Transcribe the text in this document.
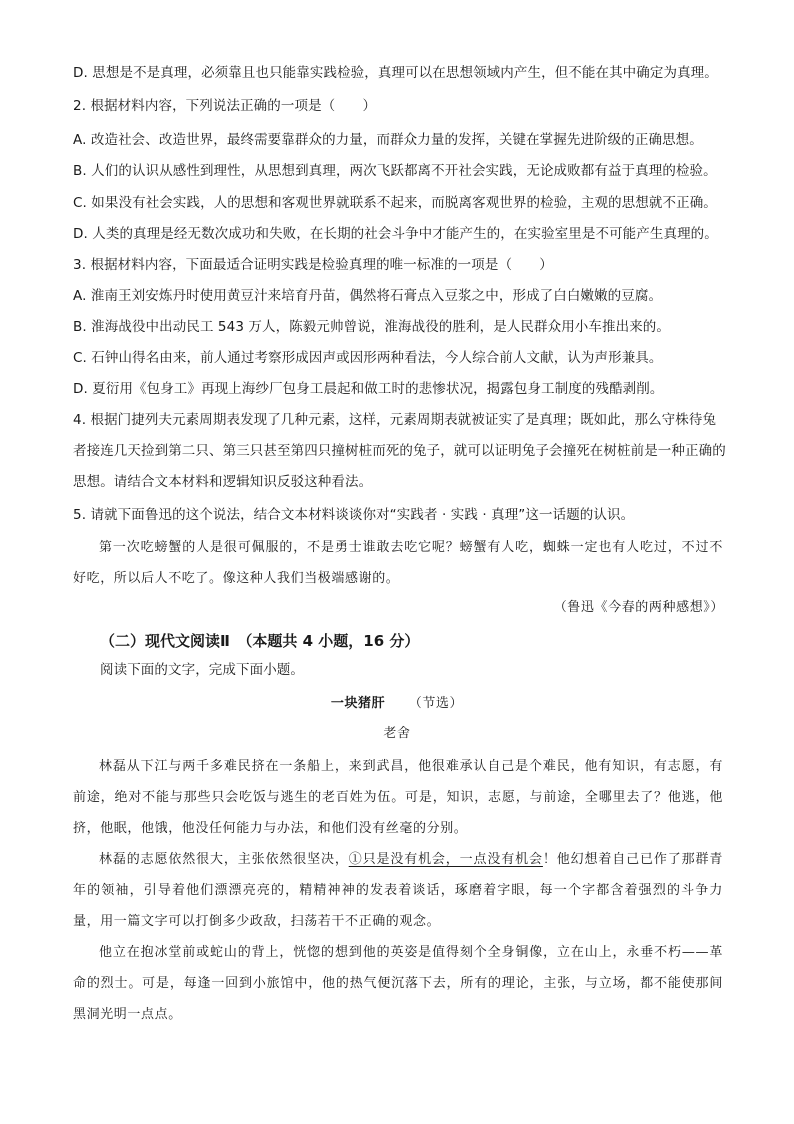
D. 思想是不是真理，必须靠且也只能靠实践检验，真理可以在思想领域内产生，但不能在其中确定为真理。
2. 根据材料内容，下列说法正确的一项是（　　）
A. 改造社会、改造世界，最终需要靠群众的力量，而群众力量的发挥，关键在掌握先进阶级的正确思想。
B. 人们的认识从感性到理性，从思想到真理，两次飞跃都离不开社会实践，无论成败都有益于真理的检验。
C. 如果没有社会实践，人的思想和客观世界就联系不起来，而脱离客观世界的检验，主观的思想就不正确。
D. 人类的真理是经无数次成功和失败，在长期的社会斗争中才能产生的，在实验室里是不可能产生真理的。
3. 根据材料内容，下面最适合证明实践是检验真理的唯一标准的一项是（　　）
A. 淮南王刘安炼丹时使用黄豆汁来培育丹苗，偶然将石膏点入豆浆之中，形成了白白嫩嫩的豆腐。
B. 淮海战役中出动民工 543 万人，陈毅元帅曾说，淮海战役的胜利，是人民群众用小车推出来的。
C. 石钟山得名由来，前人通过考察形成因声或因形两种看法，今人综合前人文献，认为声形兼具。
D. 夏衍用《包身工》再现上海纱厂包身工晨起和做工时的悲惨状况，揭露包身工制度的残酷剥削。
4. 根据门捷列夫元素周期表发现了几种元素，这样，元素周期表就被证实了是真理；既如此，那么守株待兔者接连几天捡到第二只、第三只甚至第四只撞树桩而死的兔子，就可以证明兔子会撞死在树桩前是一种正确的思想。请结合文本材料和逻辑知识反驳这种看法。
5. 请就下面鲁迅的这个说法，结合文本材料谈谈你对“实践者 · 实践 · 真理”这一话题的认识。
第一次吃螃蟹的人是很可佩服的，不是勇士谁敢去吃它呢？螃蟹有人吃，蜘蛛一定也有人吃过，不过不好吃，所以后人不吃了。像这种人我们当极端感谢的。
（鲁迅《今春的两种感想》）
（二）现代文阅读Ⅱ　（本题共 4 小题，16 分）
阅读下面的文字，完成下面小题。
一块猪肝 （节选）
老舍
林磊从下江与两千多难民挤在一条船上，来到武昌，他很难承认自己是个难民，他有知识，有志愿，有前途，绝对不能与那些只会吃饭与逃生的老百姓为伍。可是，知识，志愿，与前途，全哪里去了？他逃，他挤，他眠，他饿，他没任何能力与办法，和他们没有丝毫的分别。
林磊的志愿依然很大，主张依然很坚决，①只是没有机会，一点没有机会！他幻想着自己已作了那群青年的领袖，引导着他们漂漂亮亮的，精精神神的发表着谈话，琢磨着字眼，每一个字都含着强烈的斗争力量，用一篇文字可以打倒多少政敌，扫荡若干不正确的观念。
他立在抱冰堂前或蛇山的背上，恍惚的想到他的英姿是值得刻个全身铜像，立在山上，永垂不朽——革命的烈士。可是，每逢一回到小旅馆中，他的热气便沉落下去，所有的理论，主张，与立场，都不能使那间黑洞光明一点点。
